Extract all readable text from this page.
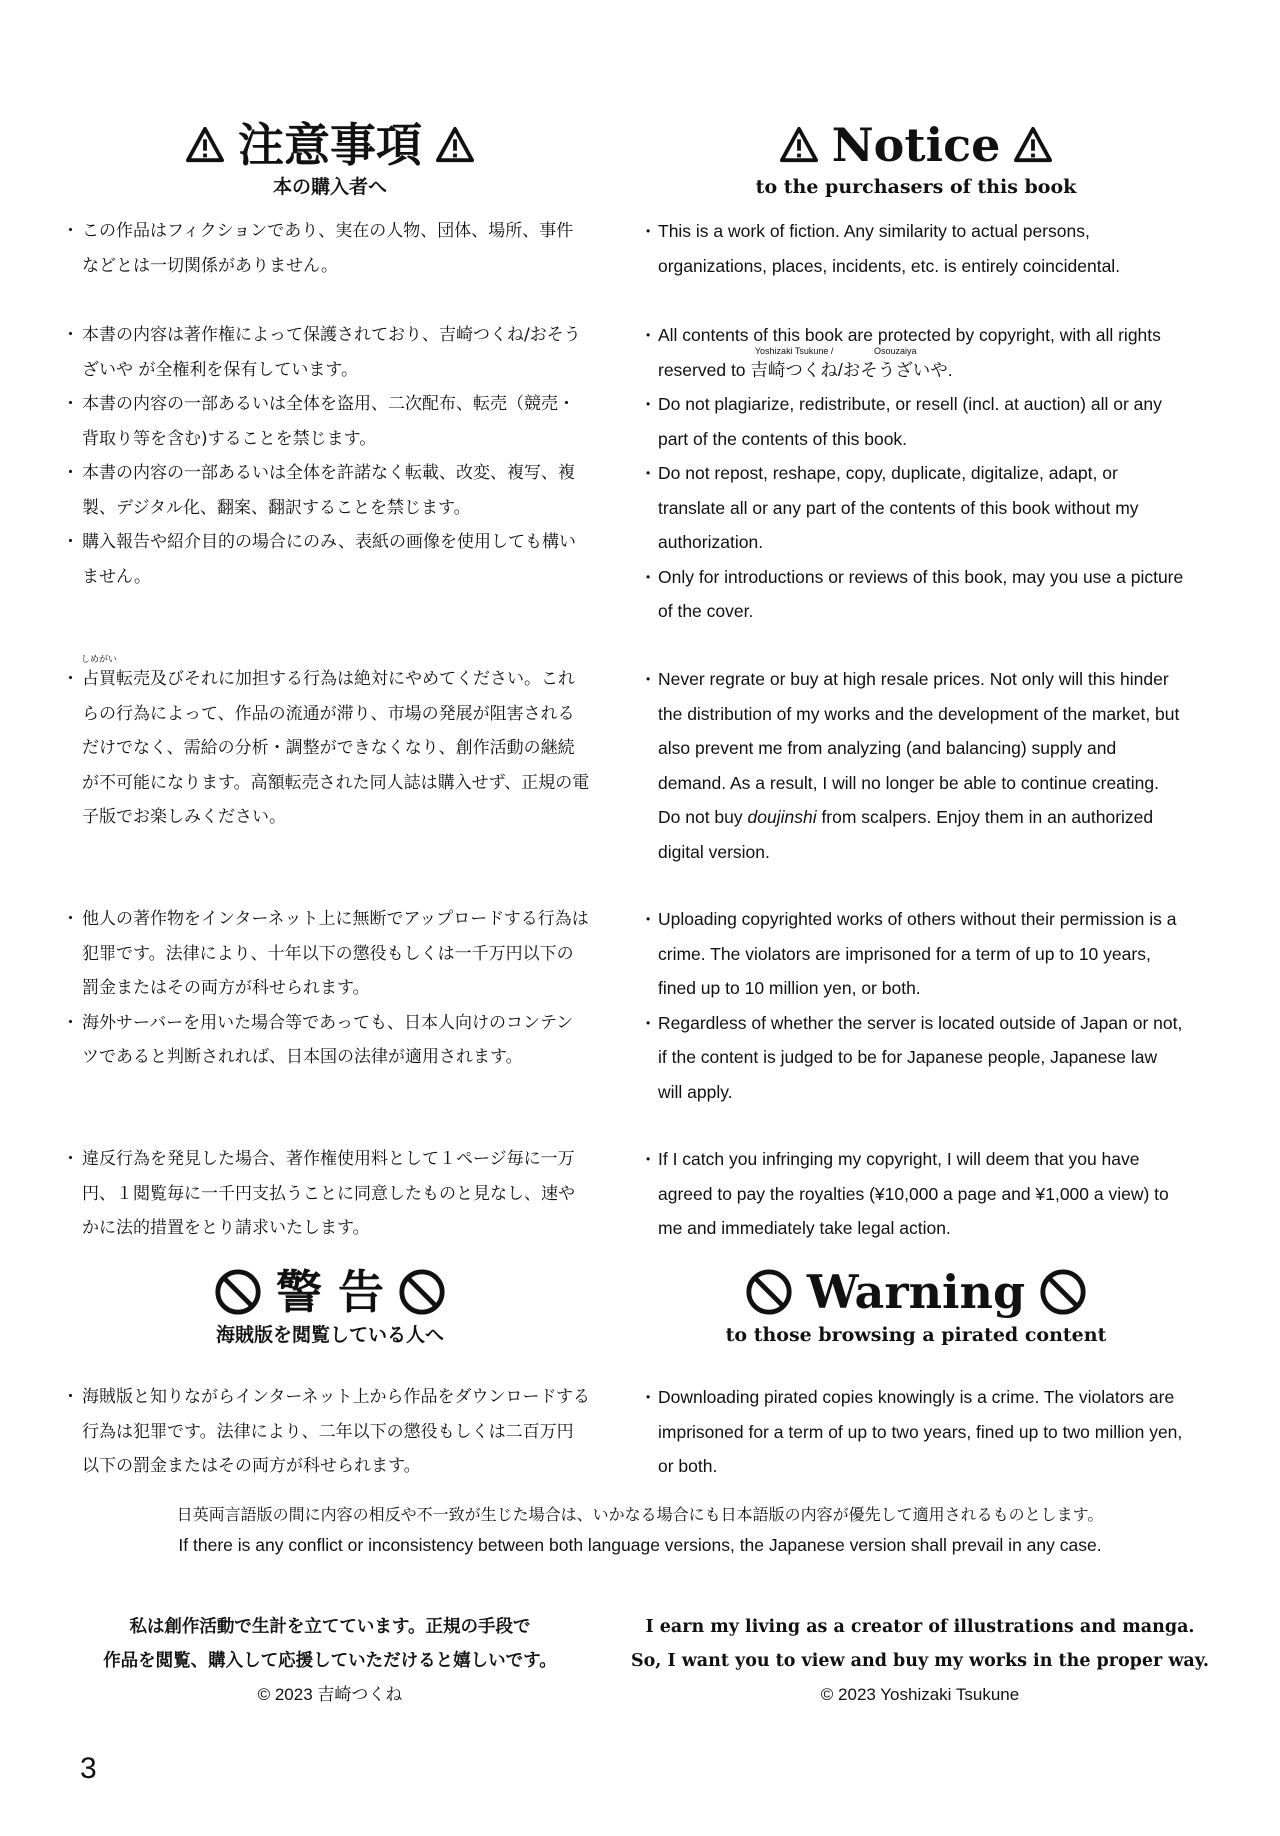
注意事項
本の購入者へ
Notice
to the purchasers of this book
・ この作品はフィクションであり、実在の人物、団体、場所、事件などとは一切関係がありません。
・ 本書の内容は著作権によって保護されており、吉崎つくね/おそうざいや が全権利を保有しています。
・ 本書の内容の一部あるいは全体を盗用、二次配布、転売（競売・背取り等を含む)することを禁じます。
・ 本書の内容の一部あるいは全体を許諾なく転載、改変、複写、複製、デジタル化、翻案、翻訳することを禁じます。
・ 購入報告や紹介目的の場合にのみ、表紙の画像を使用しても構いません。
・ しめがい
占買転売及びそれに加担する行為は絶対にやめてください。これらの行為によって、作品の流通が滞り、市場の発展が阻害されるだけでなく、需給の分析・調整ができなくなり、創作活動の継続が不可能になります。高額転売された同人誌は購入せず、正規の電子版でお楽しみください。
・ 他人の著作物をインターネット上に無断でアップロードする行為は犯罪です。法律により、十年以下の懲役もしくは一千万円以下の罰金またはその両方が科せられます。
・ 海外サーバーを用いた場合等であっても、日本人向けのコンテンツであると判断されれば、日本国の法律が適用されます。
・ 違反行為を発見した場合、著作権使用料として１ページ毎に一万円、１閲覧毎に一千円支払うことに同意したものと見なし、速やかに法的措置をとり請求いたします。
• This is a work of fiction. Any similarity to actual persons, organizations, places, incidents, etc. is entirely coincidental.
• All contents of this book are protected by copyright, with all rights reserved to
Yoshizaki Tsukune /
吉崎つくね/
Osouzaiya
おそうざいや.
• Do not plagiarize, redistribute, or resell (incl. at auction) all or any part of the contents of this book.
• Do not repost, reshape, copy, duplicate, digitalize, adapt, or translate all or any part of the contents of this book without my authorization.
• Only for introductions or reviews of this book, may you use a picture of the cover.
• Never regrate or buy at high resale prices. Not only will this hinder the distribution of my works and the development of the market, but also prevent me from analyzing (and balancing) supply and demand. As a result, I will no longer be able to continue creating. Do not buy doujinshi from scalpers. Enjoy them in an authorized digital version.
• Uploading copyrighted works of others without their permission is a crime. The violators are imprisoned for a term of up to 10 years, fined up to 10 million yen, or both.
• Regardless of whether the server is located outside of Japan or not, if the content is judged to be for Japanese people, Japanese law will apply.
• If I catch you infringing my copyright, I will deem that you have agreed to pay the royalties (¥10,000 a page and ¥1,000 a view) to me and immediately take legal action.
警 告
海賊版を閲覧している人へ
Warning
to those browsing a pirated content
・ 海賊版と知りながらインターネット上から作品をダウンロードする行為は犯罪です。法律により、二年以下の懲役もしくは二百万円以下の罰金またはその両方が科せられます。
• Downloading pirated copies knowingly is a crime. The violators are imprisoned for a term of up to two years, fined up to two million yen, or both.
日英両言語版の間に内容の相反や不一致が生じた場合は、いかなる場合にも日本語版の内容が優先して適用されるものとします。
If there is any conflict or inconsistency between both language versions, the Japanese version shall prevail in any case.
私は創作活動で生計を立てています。正規の手段で
作品を閲覧、購入して応援していただけると嬉しいです。
© 2023 吉崎つくね
I earn my living as a creator of illustrations and manga.
So, I want you to view and buy my works in the proper way.
© 2023 Yoshizaki Tsukune
3
